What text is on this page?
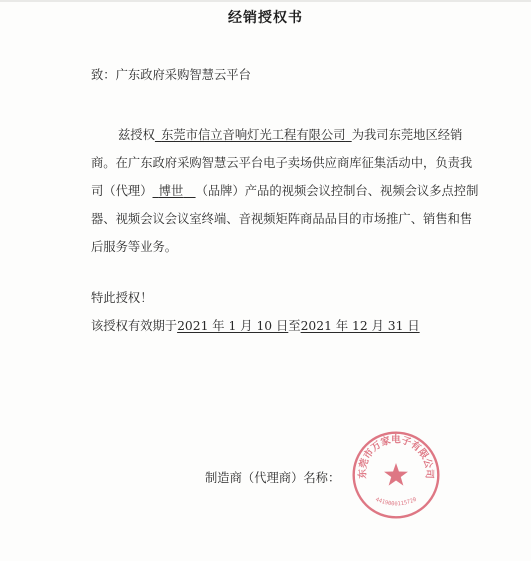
经销授权书
致：广东政府采购智慧云平台
兹授权  东莞市信立音响灯光工程有限公司  为我司东莞地区经销
商。在广东政府采购智慧云平台电子卖场供应商库征集活动中，负责我
司（代理）  博世  （品牌）产品的视频会议控制台、视频会议多点控制
器、视频会议会议室终端、音视频矩阵商品品目的市场推广、销售和售
后服务等业务。
特此授权！
该授权有效期于2021 年 1 月 10 日至2021 年 12 月 31 日
制造商（代理商）名称： 东莞市万家电子有限公司
4419000115720
